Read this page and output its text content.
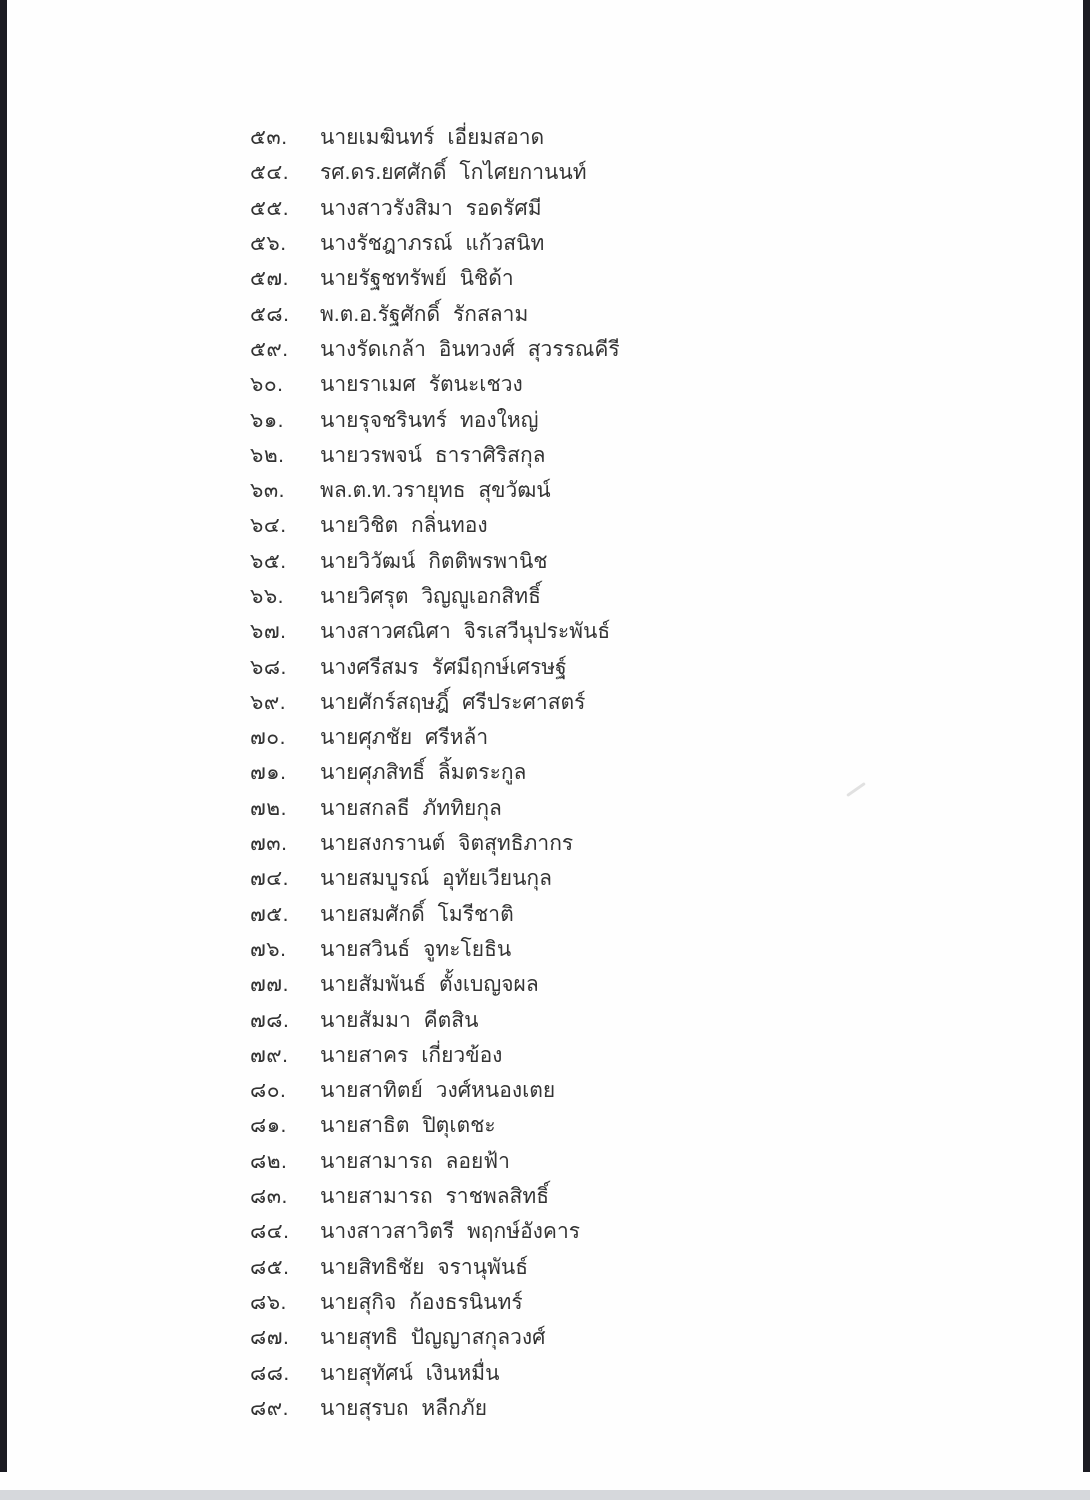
๕๓.	นายเมฆินทร์ เอี่ยมสอาด
๕๔.	รศ.ดร.ยศศักดิ์ โกไศยกานนท์
๕๕.	นางสาวรังสิมา รอดรัศมี
๕๖.	นางรัชฎาภรณ์ แก้วสนิท
๕๗.	นายรัฐชทรัพย์ นิชิด้า
๕๘.	พ.ต.อ.รัฐศักดิ์ รักสลาม
๕๙.	นางรัดเกล้า อินทวงศ์ สุวรรณคีรี
๖๐.	นายราเมศ รัตนะเชวง
๖๑.	นายรุจชรินทร์ ทองใหญ่
๖๒.	นายวรพจน์ ธาราศิริสกุล
๖๓.	พล.ต.ท.วรายุทธ สุขวัฒน์
๖๔.	นายวิชิต กลิ่นทอง
๖๕.	นายวิวัฒน์ กิตติพรพานิช
๖๖.	นายวิศรุต วิญญูเอกสิทธิ์
๖๗.	นางสาวศณิศา จิรเสวีนุประพันธ์
๖๘.	นางศรีสมร รัศมีฤกษ์เศรษฐ์
๖๙.	นายศักร์สฤษฎิ์ ศรีประศาสตร์
๗๐.	นายศุภชัย ศรีหล้า
๗๑.	นายศุภสิทธิ์ ลิ้มตระกูล
๗๒.	นายสกลธี ภัททิยกุล
๗๓.	นายสงกรานต์ จิตสุทธิภากร
๗๔.	นายสมบูรณ์ อุทัยเวียนกุล
๗๕.	นายสมศักดิ์ โมรีชาติ
๗๖.	นายสวินธ์ จูทะโยธิน
๗๗.	นายสัมพันธ์ ตั้งเบญจผล
๗๘.	นายสัมมา คีตสิน
๗๙.	นายสาคร เกี่ยวข้อง
๘๐.	นายสาทิตย์ วงศ์หนองเตย
๘๑.	นายสาธิต ปิตุเตชะ
๘๒.	นายสามารถ ลอยฟ้า
๘๓.	นายสามารถ ราชพลสิทธิ์
๘๔.	นางสาวสาวิตรี พฤกษ์อังคาร
๘๕.	นายสิทธิชัย จรานุพันธ์
๘๖.	นายสุกิจ ก้องธรนินทร์
๘๗.	นายสุทธิ ปัญญาสกุลวงศ์
๘๘.	นายสุทัศน์ เงินหมื่น
๘๙.	นายสุรบถ หลีกภัย
